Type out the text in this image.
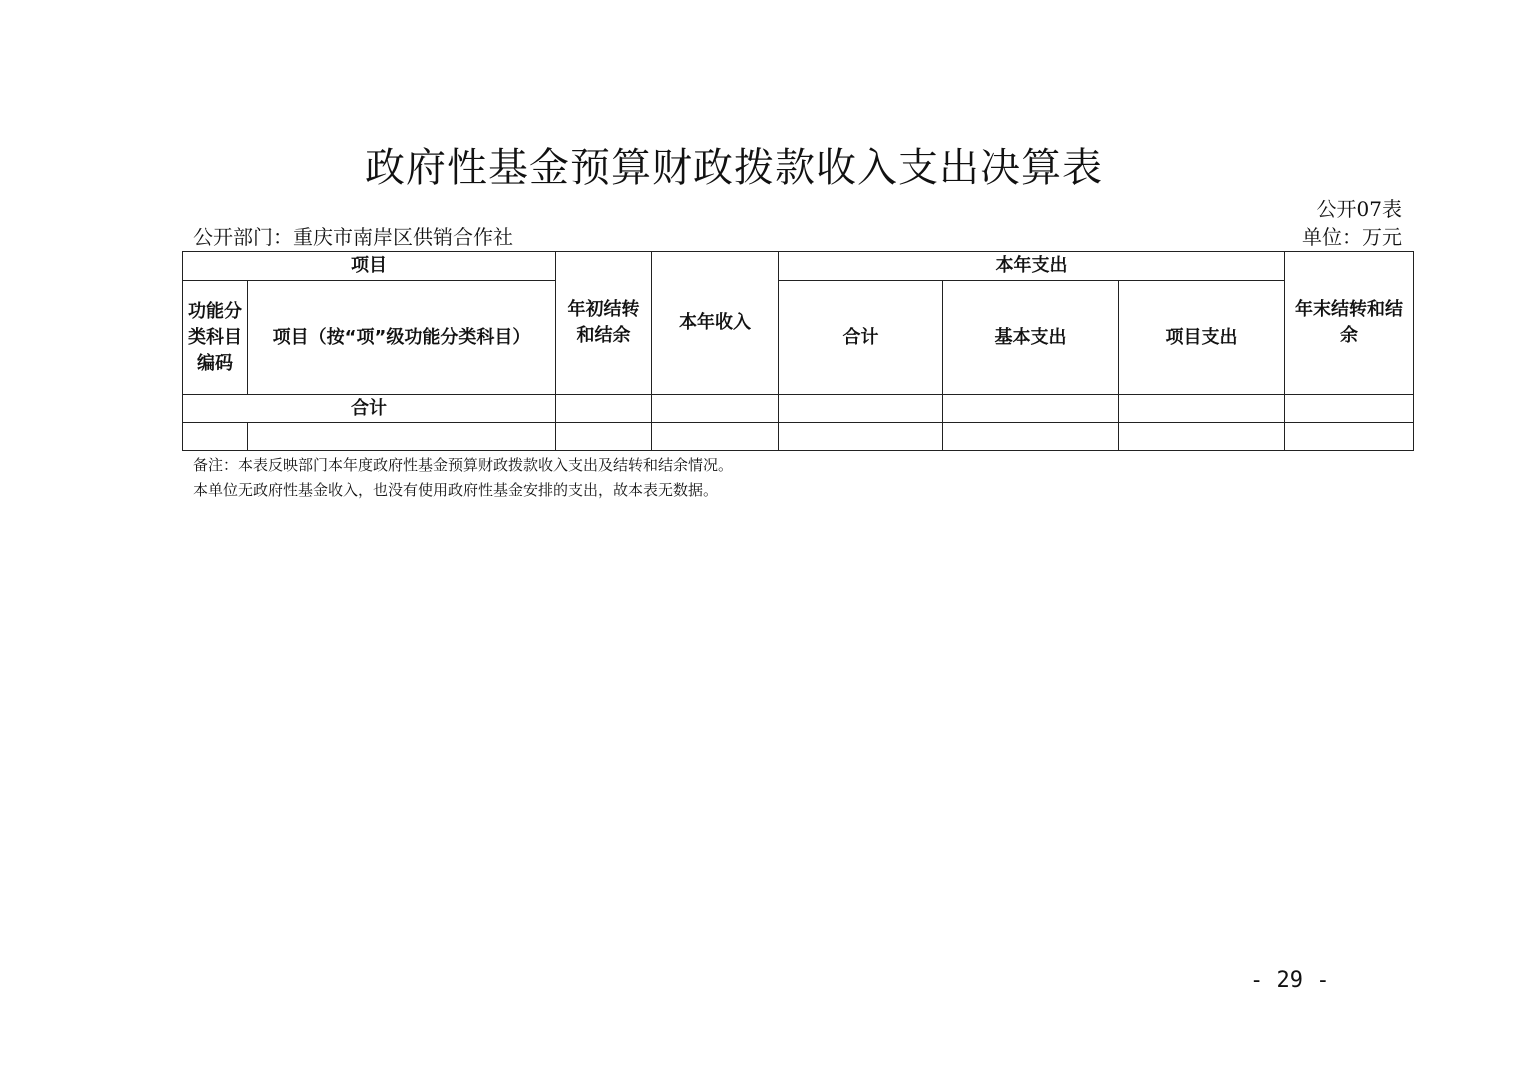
政府性基金预算财政拨款收入支出决算表
公开07表
公开部门：重庆市南岸区供销合作社	单位：万元
项目		年初结转和结余	本年收入	本年支出			年末结转和结余
功能分类科目编码	项目（按“项”级功能分类科目）			合计	基本支出	项目支出	
合计							

备注：本表反映部门本年度政府性基金预算财政拨款收入支出及结转和结余情况。
本单位无政府性基金收入，也没有使用政府性基金安排的支出，故本表无数据。
- 29 -
